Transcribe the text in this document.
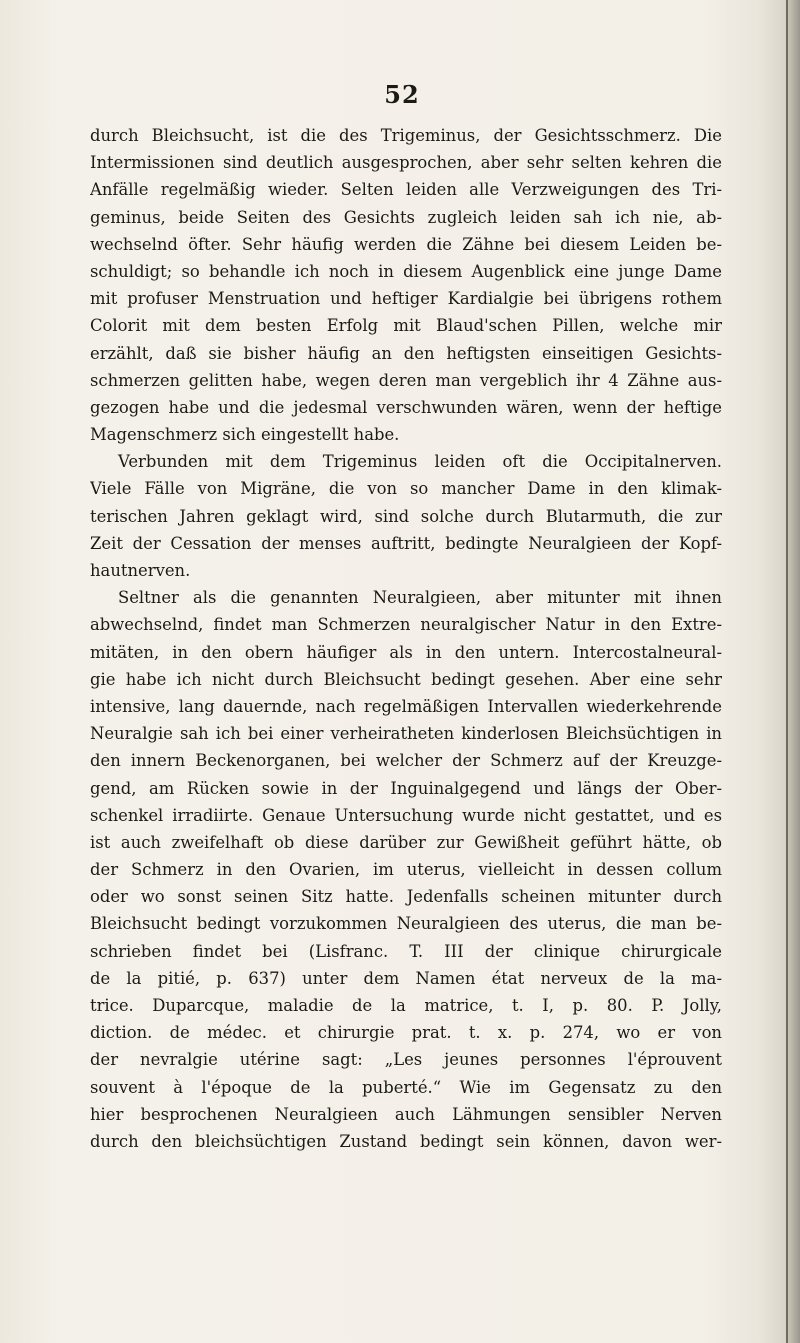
52
durch Bleichsucht, ist die des Trigeminus, der Gesichtsschmerz. Die
Intermissionen sind deutlich ausgesprochen, aber sehr selten kehren die
Anfälle regelmäßig wieder. Selten leiden alle Verzweigungen des Tri-
geminus, beide Seiten des Gesichts zugleich leiden sah ich nie, ab-
wechselnd öfter. Sehr häufig werden die Zähne bei diesem Leiden be-
schuldigt; so behandle ich noch in diesem Augenblick eine junge Dame
mit profuser Menstruation und heftiger Kardialgie bei übrigens rothem
Colorit mit dem besten Erfolg mit Blaud'schen Pillen, welche mir
erzählt, daß sie bisher häufig an den heftigsten einseitigen Gesichts-
schmerzen gelitten habe, wegen deren man vergeblich ihr 4 Zähne aus-
gezogen habe und die jedesmal verschwunden wären, wenn der heftige
Magenschmerz sich eingestellt habe.
Verbunden mit dem Trigeminus leiden oft die Occipitalnerven.
Viele Fälle von Migräne, die von so mancher Dame in den klimak-
terischen Jahren geklagt wird, sind solche durch Blutarmuth, die zur
Zeit der Cessation der menses auftritt, bedingte Neuralgieen der Kopf-
hautnerven.
Seltner als die genannten Neuralgieen, aber mitunter mit ihnen
abwechselnd, findet man Schmerzen neuralgischer Natur in den Extre-
mitäten, in den obern häufiger als in den untern. Intercostalneural-
gie habe ich nicht durch Bleichsucht bedingt gesehen. Aber eine sehr
intensive, lang dauernde, nach regelmäßigen Intervallen wiederkehrende
Neuralgie sah ich bei einer verheiratheten kinderlosen Bleichsüchtigen in
den innern Beckenorganen, bei welcher der Schmerz auf der Kreuzge-
gend, am Rücken sowie in der Inguinalgegend und längs der Ober-
schenkel irradiirte. Genaue Untersuchung wurde nicht gestattet, und es
ist auch zweifelhaft ob diese darüber zur Gewißheit geführt hätte, ob
der Schmerz in den Ovarien, im uterus, vielleicht in dessen collum
oder wo sonst seinen Sitz hatte. Jedenfalls scheinen mitunter durch
Bleichsucht bedingt vorzukommen Neuralgieen des uterus, die man be-
schrieben findet bei (Lisfranc. T. III der clinique chirurgicale
de la pitié, p. 637) unter dem Namen état nerveux de la ma-
trice. Duparcque, maladie de la matrice, t. I, p. 80. P. Jolly,
diction. de médec. et chirurgie prat. t. x. p. 274, wo er von
der nevralgie utérine sagt: „Les jeunes personnes l'éprouvent
souvent à l'époque de la puberté.“ Wie im Gegensatz zu den
hier besprochenen Neuralgieen auch Lähmungen sensibler Nerven
durch den bleichsüchtigen Zustand bedingt sein können, davon wer-
